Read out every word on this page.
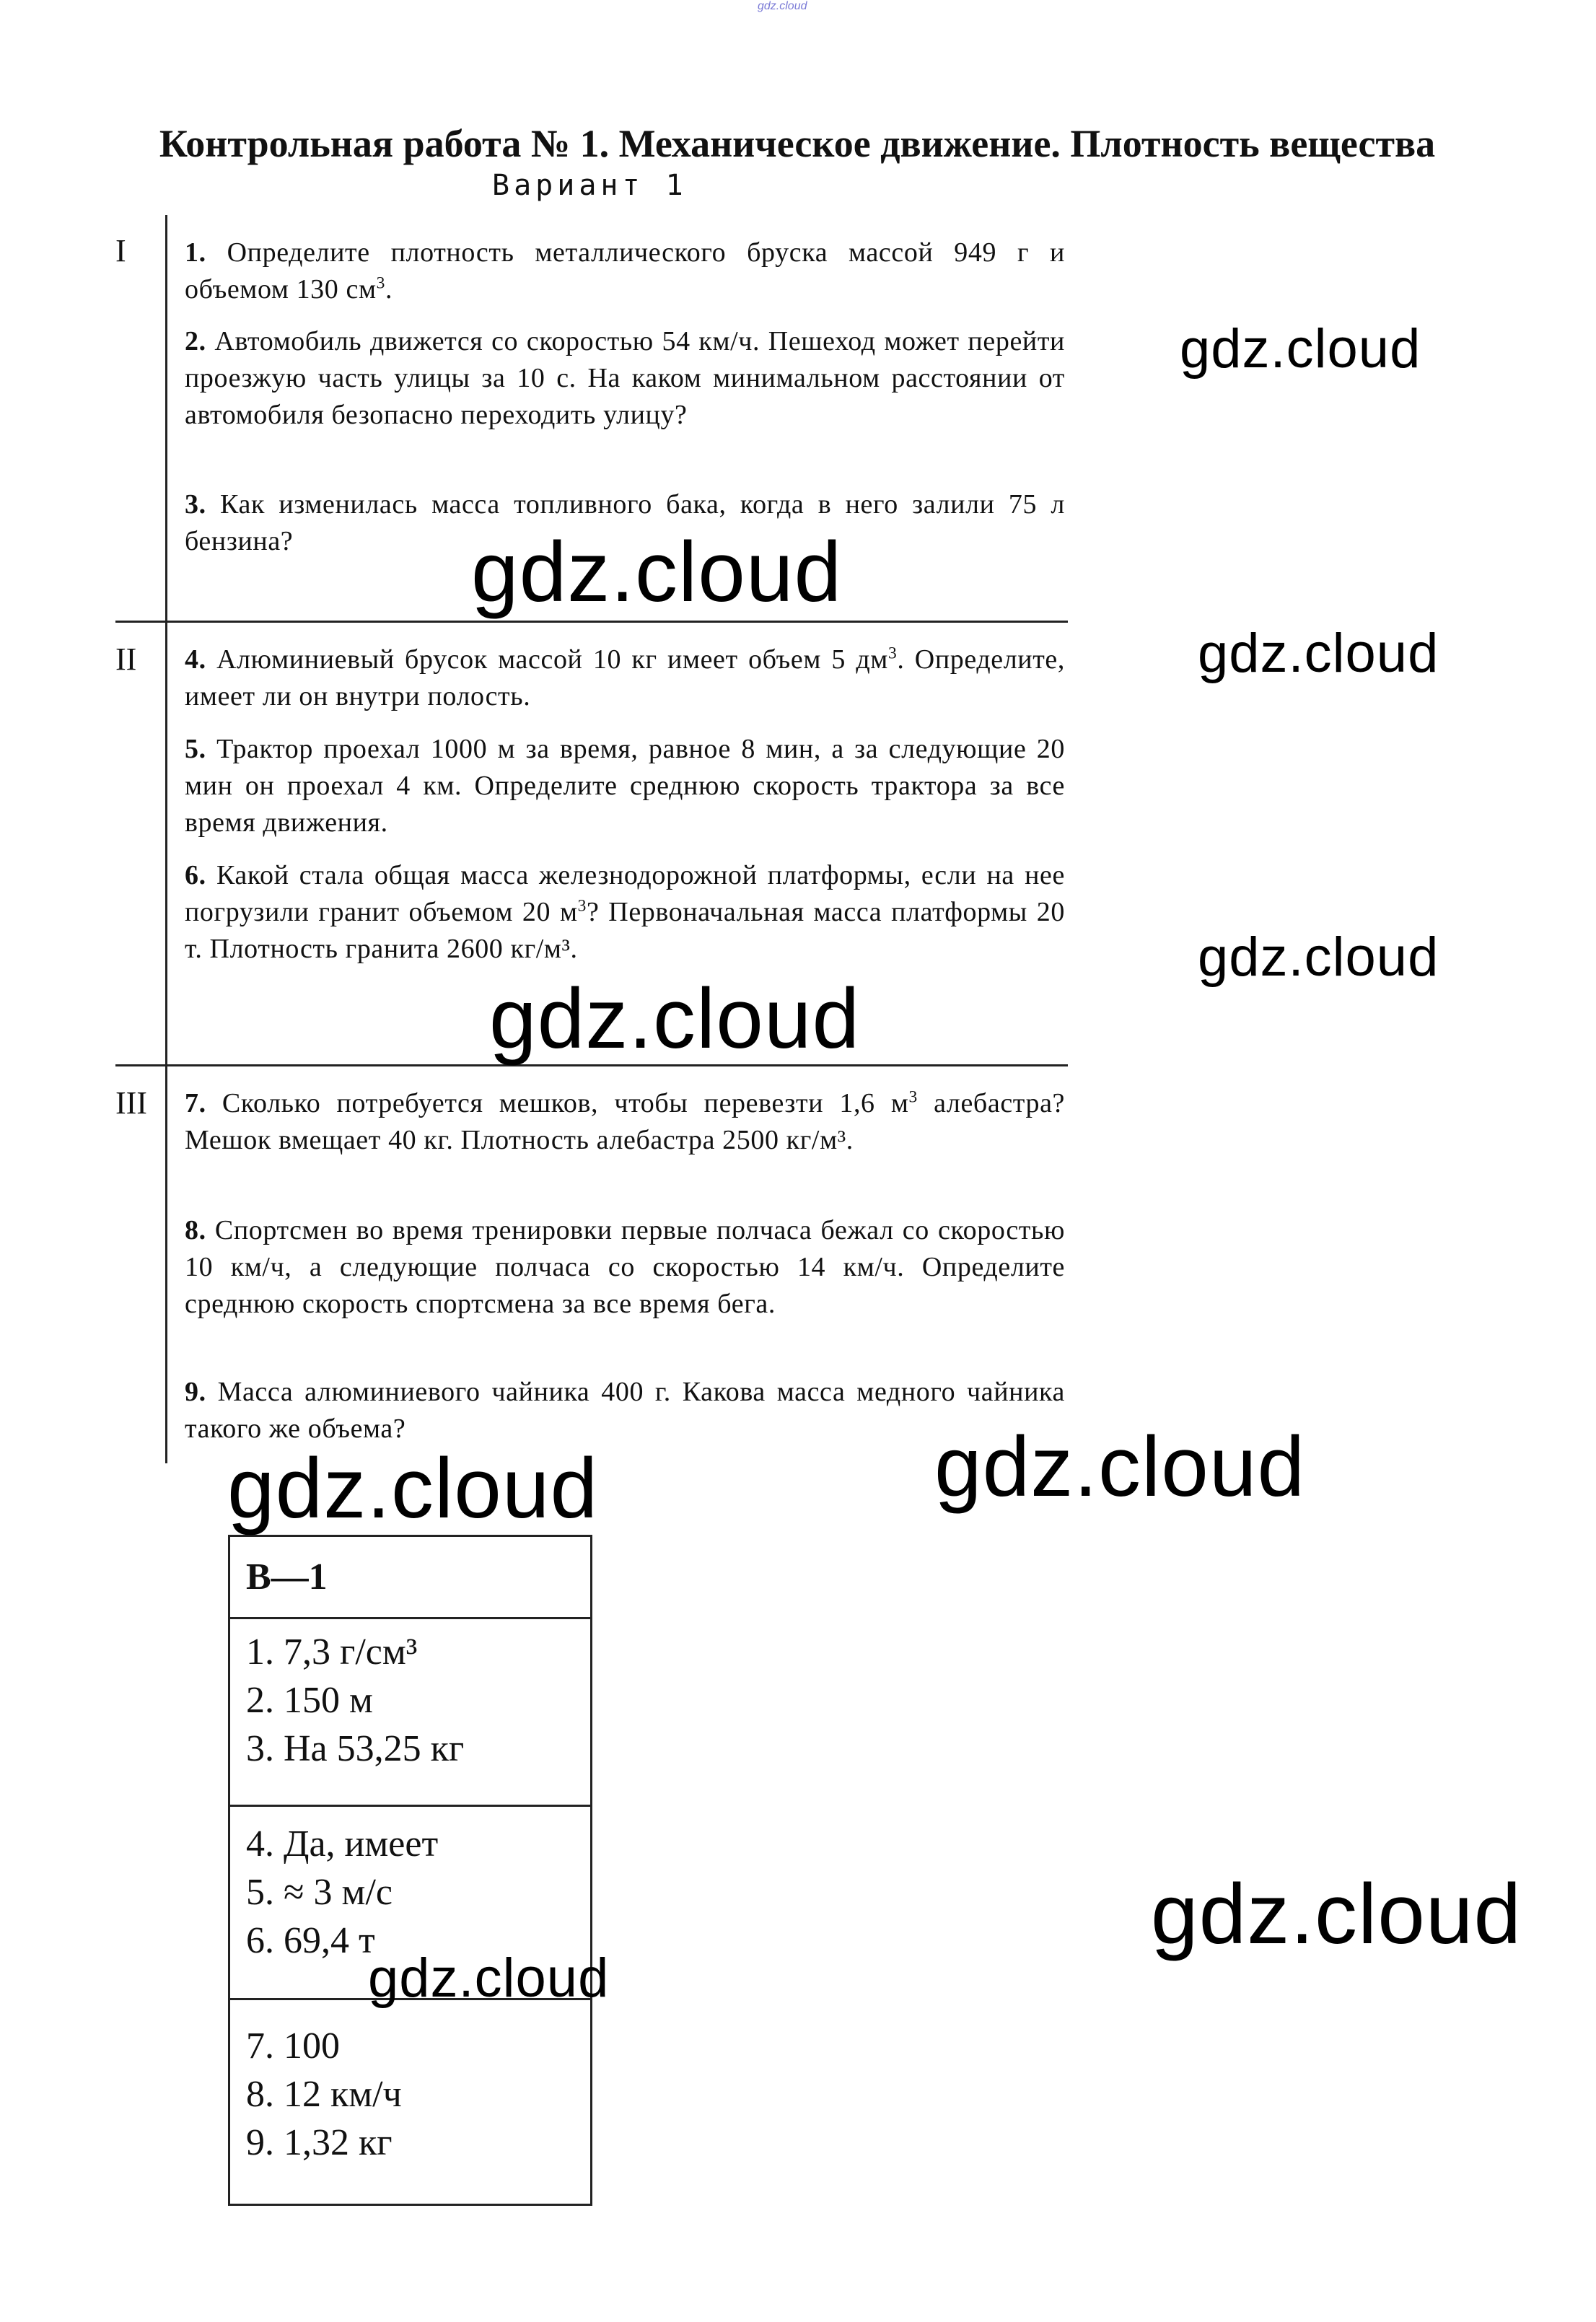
gdz.cloud
Контрольная работа № 1. Механическое движение. Плотность вещества
Вариант 1
I 1. Определите плотность металлического бруска массой 949 г и объемом 130 $см^3$.
2. Автомобиль движется со скоростью 54 км/ч. Пешеход может перейти проезжую часть улицы за 10 с. На каком минимальном расстоянии от автомобиля безопасно переходить улицу?
3. Как изменилась масса топливного бака, когда в него залили 75 л бензина?
II 4. Алюминиевый брусок массой 10 кг имеет объем 5 $дм^3$. Определите, имеет ли он внутри полость.
5. Трактор проехал 1000 м за время, равное 8 мин, а за следующие 20 мин он проехал 4 км. Определите среднюю скорость трактора за все время движения.
6. Какой стала общая масса железнодорожной платформы, если на нее погрузили гранит объемом 20 $м^3$? Первоначальная масса платформы 20 т. Плотность гранита 2600 кг/м³.
III 7. Сколько потребуется мешков, чтобы перевезти 1,6 $м^3$ алебастра? Мешок вмещает 40 кг. Плотность алебастра 2500 кг/м³.
8. Спортсмен во время тренировки первые полчаса бежал со скоростью 10 км/ч, а следующие полчаса со скоростью 14 км/ч. Определите среднюю скорость спортсмена за все время бега.
9. Масса алюминиевого чайника 400 г. Какова масса медного чайника такого же объема?
В—1
1. 7,3 г/см³
2. 150 м
3. На 53,25 кг
4. Да, имеет
5. ≈ 3 м/с
6. 69,4 т
7. 100
8. 12 км/ч
9. 1,32 кг
gdz.cloud
gdz.cloud
gdz.cloud
gdz.cloud
gdz.cloud
gdz.cloud
gdz.cloud
gdz.cloud
gdz.cloud
